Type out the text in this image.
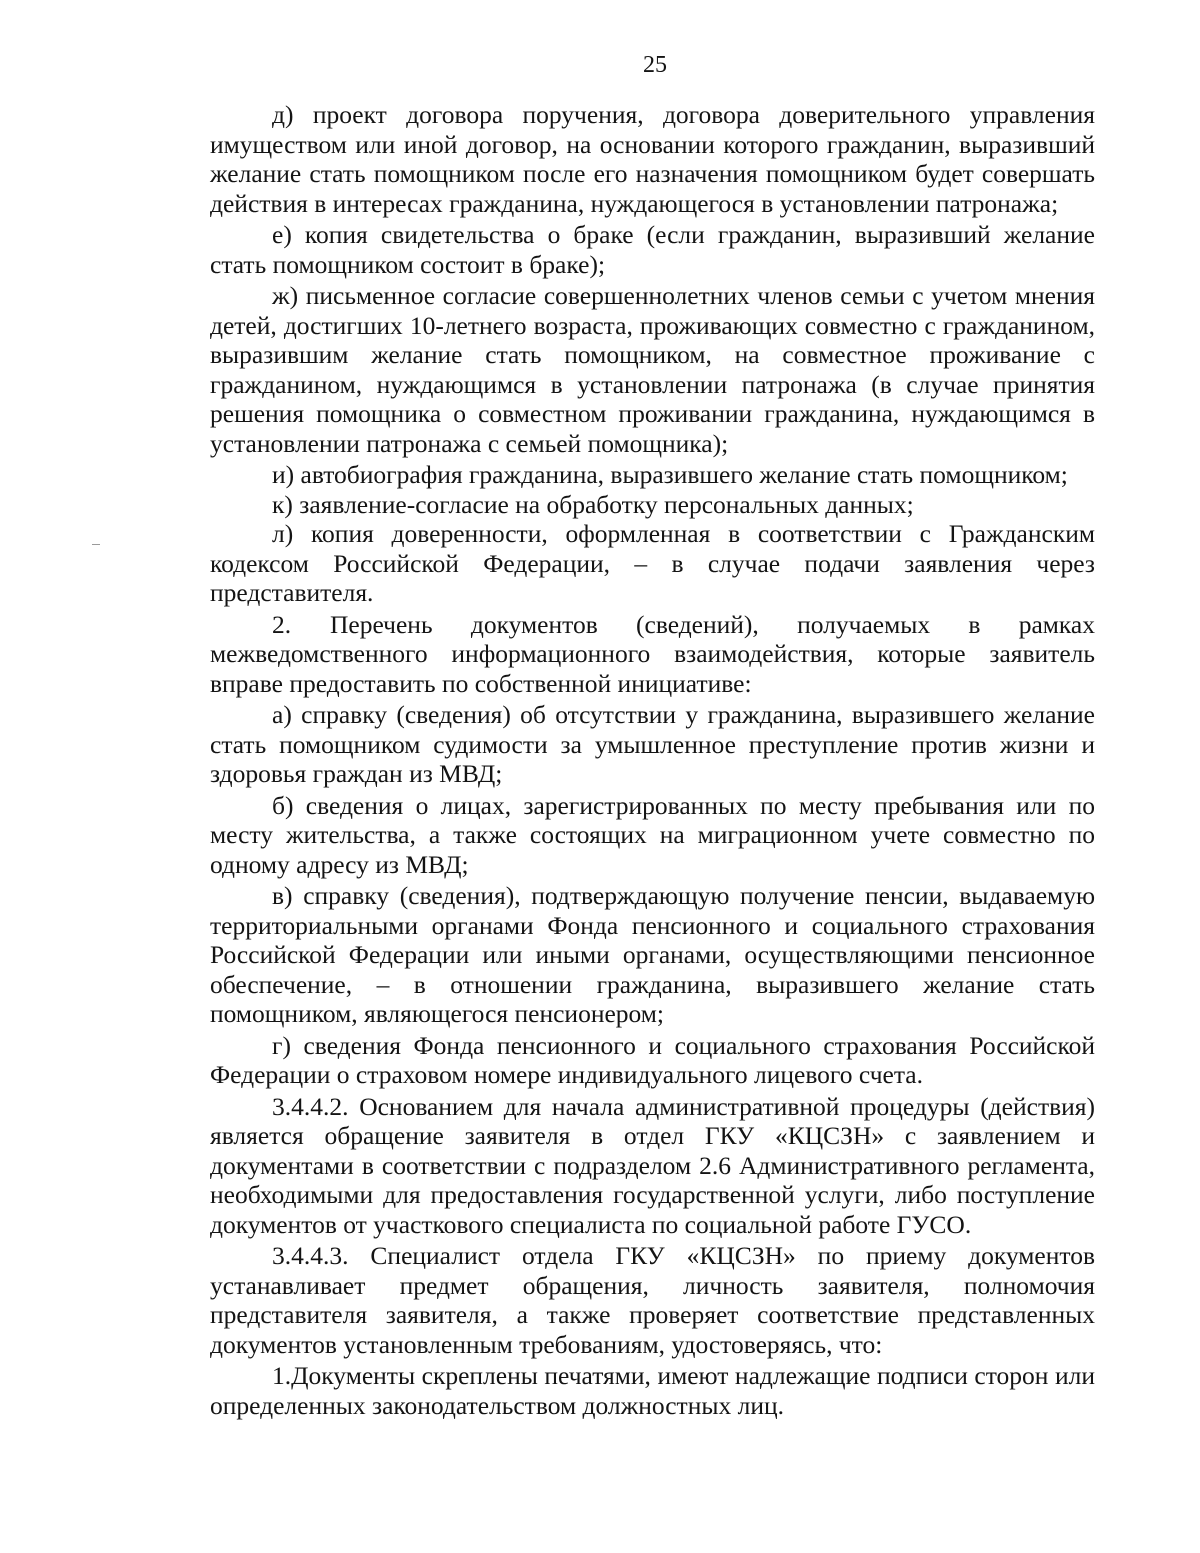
25

д) проект договора поручения, договора доверительного управления имуществом или иной договор, на основании которого гражданин, выразивший желание стать помощником после его назначения помощником будет совершать действия в интересах гражданина, нуждающегося в установлении патронажа;

е) копия свидетельства о браке (если гражданин, выразивший желание стать помощником состоит в браке);

ж) письменное согласие совершеннолетних членов семьи с учетом мнения детей, достигших 10-летнего возраста, проживающих совместно с гражданином, выразившим желание стать помощником, на совместное проживание с гражданином, нуждающимся в установлении патронажа (в случае принятия решения помощника о совместном проживании гражданина, нуждающимся в установлении патронажа с семьей помощника);

и) автобиография гражданина, выразившего желание стать помощником;

к) заявление-согласие на обработку персональных данных;

л) копия доверенности, оформленная в соответствии с Гражданским кодексом Российской Федерации, – в случае подачи заявления через представителя.

2. Перечень документов (сведений), получаемых в рамках межведомственного информационного взаимодействия, которые заявитель вправе предоставить по собственной инициативе:

а) справку (сведения) об отсутствии у гражданина, выразившего желание стать помощником судимости за умышленное преступление против жизни и здоровья граждан из МВД;

б) сведения о лицах, зарегистрированных по месту пребывания или по месту жительства, а также состоящих на миграционном учете совместно по одному адресу из МВД;

в) справку (сведения), подтверждающую получение пенсии, выдаваемую территориальными органами Фонда пенсионного и социального страхования Российской Федерации или иными органами, осуществляющими пенсионное обеспечение, – в отношении гражданина, выразившего желание стать помощником, являющегося пенсионером;

г) сведения Фонда пенсионного и социального страхования Российской Федерации о страховом номере индивидуального лицевого счета.

3.4.4.2. Основанием для начала административной процедуры (действия) является обращение заявителя в отдел ГКУ «КЦСЗН» с заявлением и документами в соответствии с подразделом 2.6 Административного регламента, необходимыми для предоставления государственной услуги, либо поступление документов от участкового специалиста по социальной работе ГУСО.

3.4.4.3. Специалист отдела ГКУ «КЦСЗН» по приему документов устанавливает предмет обращения, личность заявителя, полномочия представителя заявителя, а также проверяет соответствие представленных документов установленным требованиям, удостоверяясь, что:

1.Документы скреплены печатями, имеют надлежащие подписи сторон или определенных законодательством должностных лиц.
